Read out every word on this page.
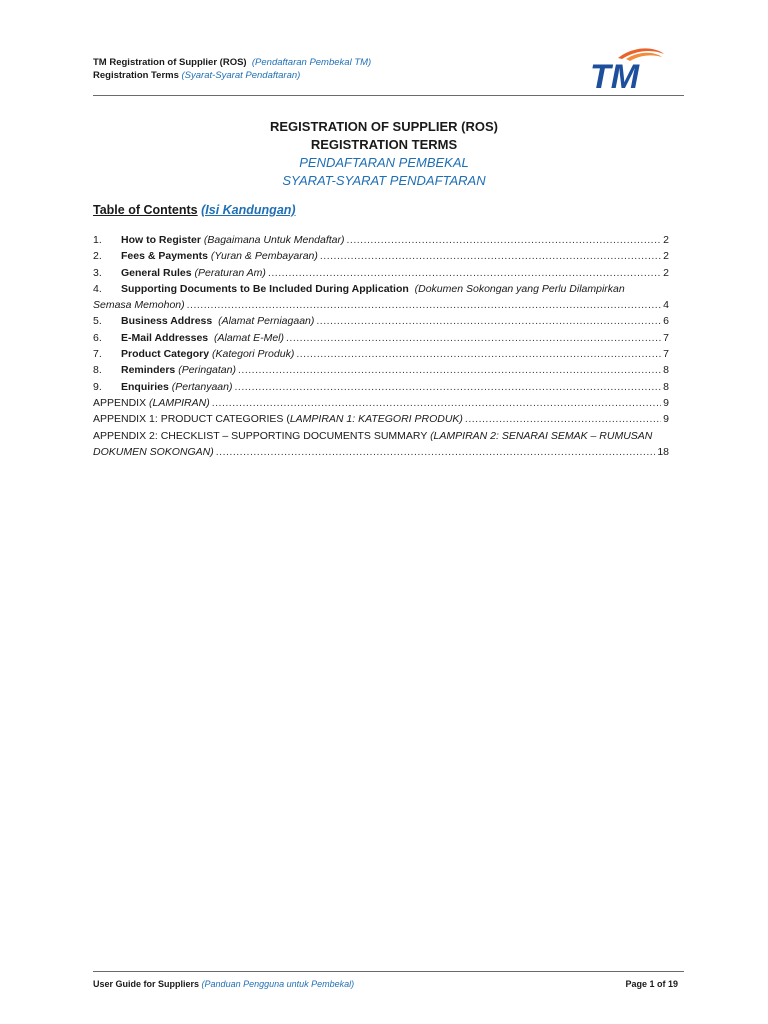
TM Registration of Supplier (ROS) (Pendaftaran Pembekal TM)
Registration Terms (Syarat-Syarat Pendaftaran)	TM
REGISTRATION OF SUPPLIER (ROS)
REGISTRATION TERMS
PENDAFTARAN PEMBEKAL
SYARAT-SYARAT PENDAFTARAN
Table of Contents (Isi Kandungan)
1.	How to Register (Bagaimana Untuk Mendaftar) .....	2
2.	Fees & Payments (Yuran & Pembayaran) .....	2
3.	General Rules (Peraturan Am) .....	2
4. Supporting Documents to Be Included During Application (Dokumen Sokongan yang Perlu Dilampirkan
Semasa Memohon) .....	4
5.	Business Address (Alamat Perniagaan) .....	6
6.	E-Mail Addresses (Alamat E-Mel) .....	7
7.	Product Category (Kategori Produk) .....	7
8.	Reminders (Peringatan) .....	8
9.	Enquiries (Pertanyaan) .....	8
APPENDIX (LAMPIRAN) .....	9
APPENDIX 1: PRODUCT CATEGORIES (LAMPIRAN 1: KATEGORI PRODUK) .....	9
APPENDIX 2: CHECKLIST – SUPPORTING DOCUMENTS SUMMARY (LAMPIRAN 2: SENARAI SEMAK – RUMUSAN
DOKUMEN SOKONGAN) .....	18
User Guide for Suppliers (Panduan Pengguna untuk Pembekal)	Page 1 of 19
